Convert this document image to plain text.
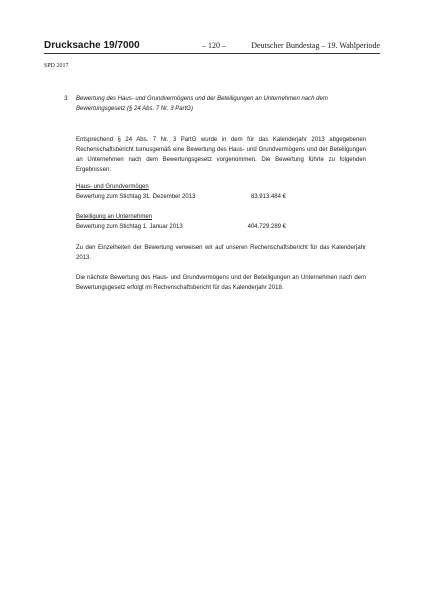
Drucksache 19/7000	– 120 –	Deutscher Bundestag – 19. Wahlperiode
SPD 2017
3. Bewertung des Haus- und Grundvermögens und der Beteiligungen an Unternehmen nach dem Bewertungsgesetz (§ 24 Abs. 7 Nr. 3 PartG)

Entsprechend § 24 Abs. 7 Nr. 3 PartG wurde in dem für das Kalenderjahr 2013 abgegebenen Rechenschaftsbericht turnusgemäß eine Bewertung des Haus- und Grundvermögens und der Beteiligungen an Unternehmen nach dem Bewertungsgesetz vorgenommen. Die Bewertung führte zu folgenden Ergebnissen:

Haus- und Grundvermögen

Bewertung zum Stichtag 31. Dezember 2013	83.913.484 €

Beteiligung an Unternehmen

Bewertung zum Stichtag 1. Januar 2013	404.729.289 €

Zu den Einzelheiten der Bewertung verweisen wir auf unseren Rechenschaftsbericht für das Kalenderjahr 2013.

Die nächste Bewertung des Haus- und Grundvermögens und der Beteiligungen an Unternehmen nach dem Bewertungsgesetz erfolgt im Rechenschaftsbericht für das Kalenderjahr 2018.
